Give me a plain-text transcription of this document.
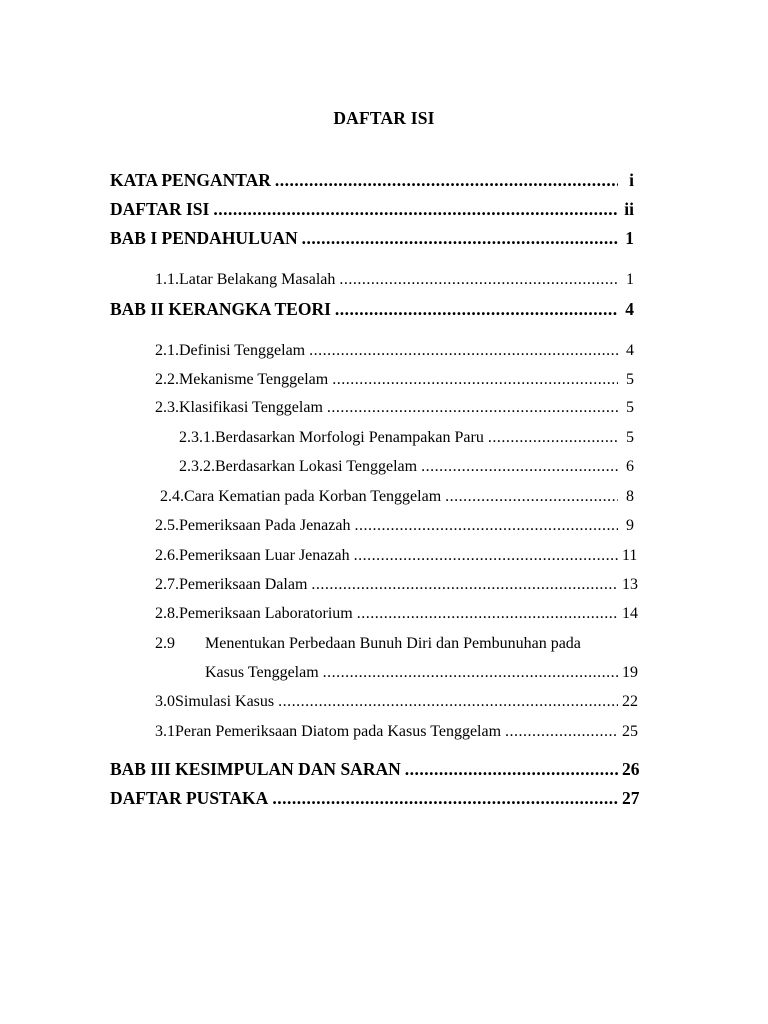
DAFTAR ISI
KATA PENGANTAR .....	i
DAFTAR ISI .....	ii
BAB I PENDAHULUAN .....	1
1.1. Latar Belakang Masalah .....	1
BAB II KERANGKA TEORI .....	4
2.1. Definisi Tenggelam .....	4
2.2. Mekanisme Tenggelam .....	5
2.3. Klasifikasi Tenggelam .....	5
2.3.1. Berdasarkan Morfologi Penampakan Paru .....	5
2.3.2. Berdasarkan Lokasi Tenggelam .....	6
2.4. Cara Kematian pada Korban Tenggelam .....	8
2.5. Pemeriksaan Pada Jenazah .....	9
2.6. Pemeriksaan Luar Jenazah .....	11
2.7. Pemeriksaan Dalam .....	13
2.8. Pemeriksaan Laboratorium .....	14
2.9 Menentukan Perbedaan Bunuh Diri dan Pembunuhan pada
Kasus Tenggelam .....	19
3.0 Simulasi Kasus .....	22
3.1 Peran Pemeriksaan Diatom pada Kasus Tenggelam .....	25
BAB III KESIMPULAN DAN SARAN .....	26
DAFTAR PUSTAKA .....	27
